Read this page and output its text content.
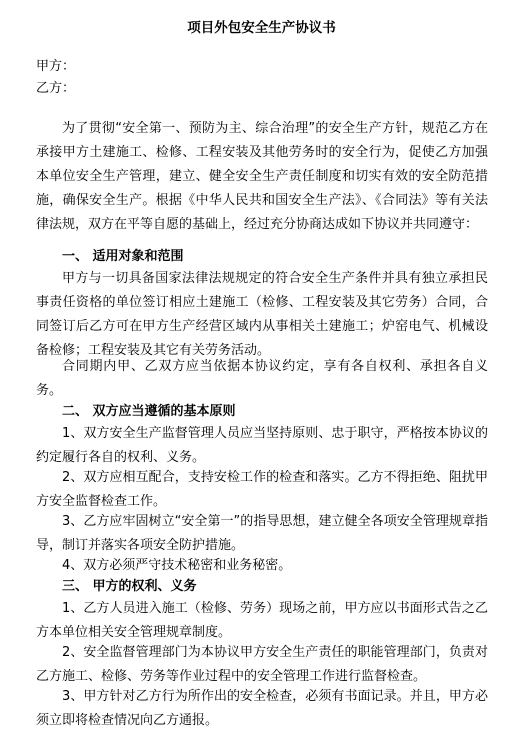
项目外包安全生产协议书
甲方：
乙方：
为了贯彻“安全第一、预防为主、综合治理”的安全生产方针，规范乙方在承接甲方土建施工、检修、工程安装及其他劳务时的安全行为，促使乙方加强本单位安全生产管理，建立、健全安全生产责任制度和切实有效的安全防范措施，确保安全生产。根据《中华人民共和国安全生产法》、《合同法》等有关法律法规，双方在平等自愿的基础上，经过充分协商达成如下协议并共同遵守：
一、 适用对象和范围
甲方与一切具备国家法律法规规定的符合安全生产条件并具有独立承担民事责任资格的单位签订相应土建施工（检修、工程安装及其它劳务）合同，合同签订后乙方可在甲方生产经营区域内从事相关土建施工；炉窑电气、机械设备检修；工程安装及其它有关劳务活动。
合同期内甲、乙双方应当依据本协议约定，享有各自权利、承担各自义务。
二、 双方应当遵循的基本原则
1、双方安全生产监督管理人员应当坚持原则、忠于职守，严格按本协议的约定履行各自的权利、义务。
2、双方应相互配合，支持安检工作的检查和落实。乙方不得拒绝、阻扰甲方安全监督检查工作。
3、乙方应牢固树立“安全第一”的指导思想，建立健全各项安全管理规章指导，制订并落实各项安全防护措施。
4、双方必须严守技术秘密和业务秘密。
三、 甲方的权利、义务
1、乙方人员进入施工（检修、劳务）现场之前，甲方应以书面形式告之乙方本单位相关安全管理规章制度。
2、安全监督管理部门为本协议甲方安全生产责任的职能管理部门，负责对乙方施工、检修、劳务等作业过程中的安全管理工作进行监督检查。
3、甲方针对乙方行为所作出的安全检查，必须有书面记录。并且，甲方必须立即将检查情况向乙方通报。
